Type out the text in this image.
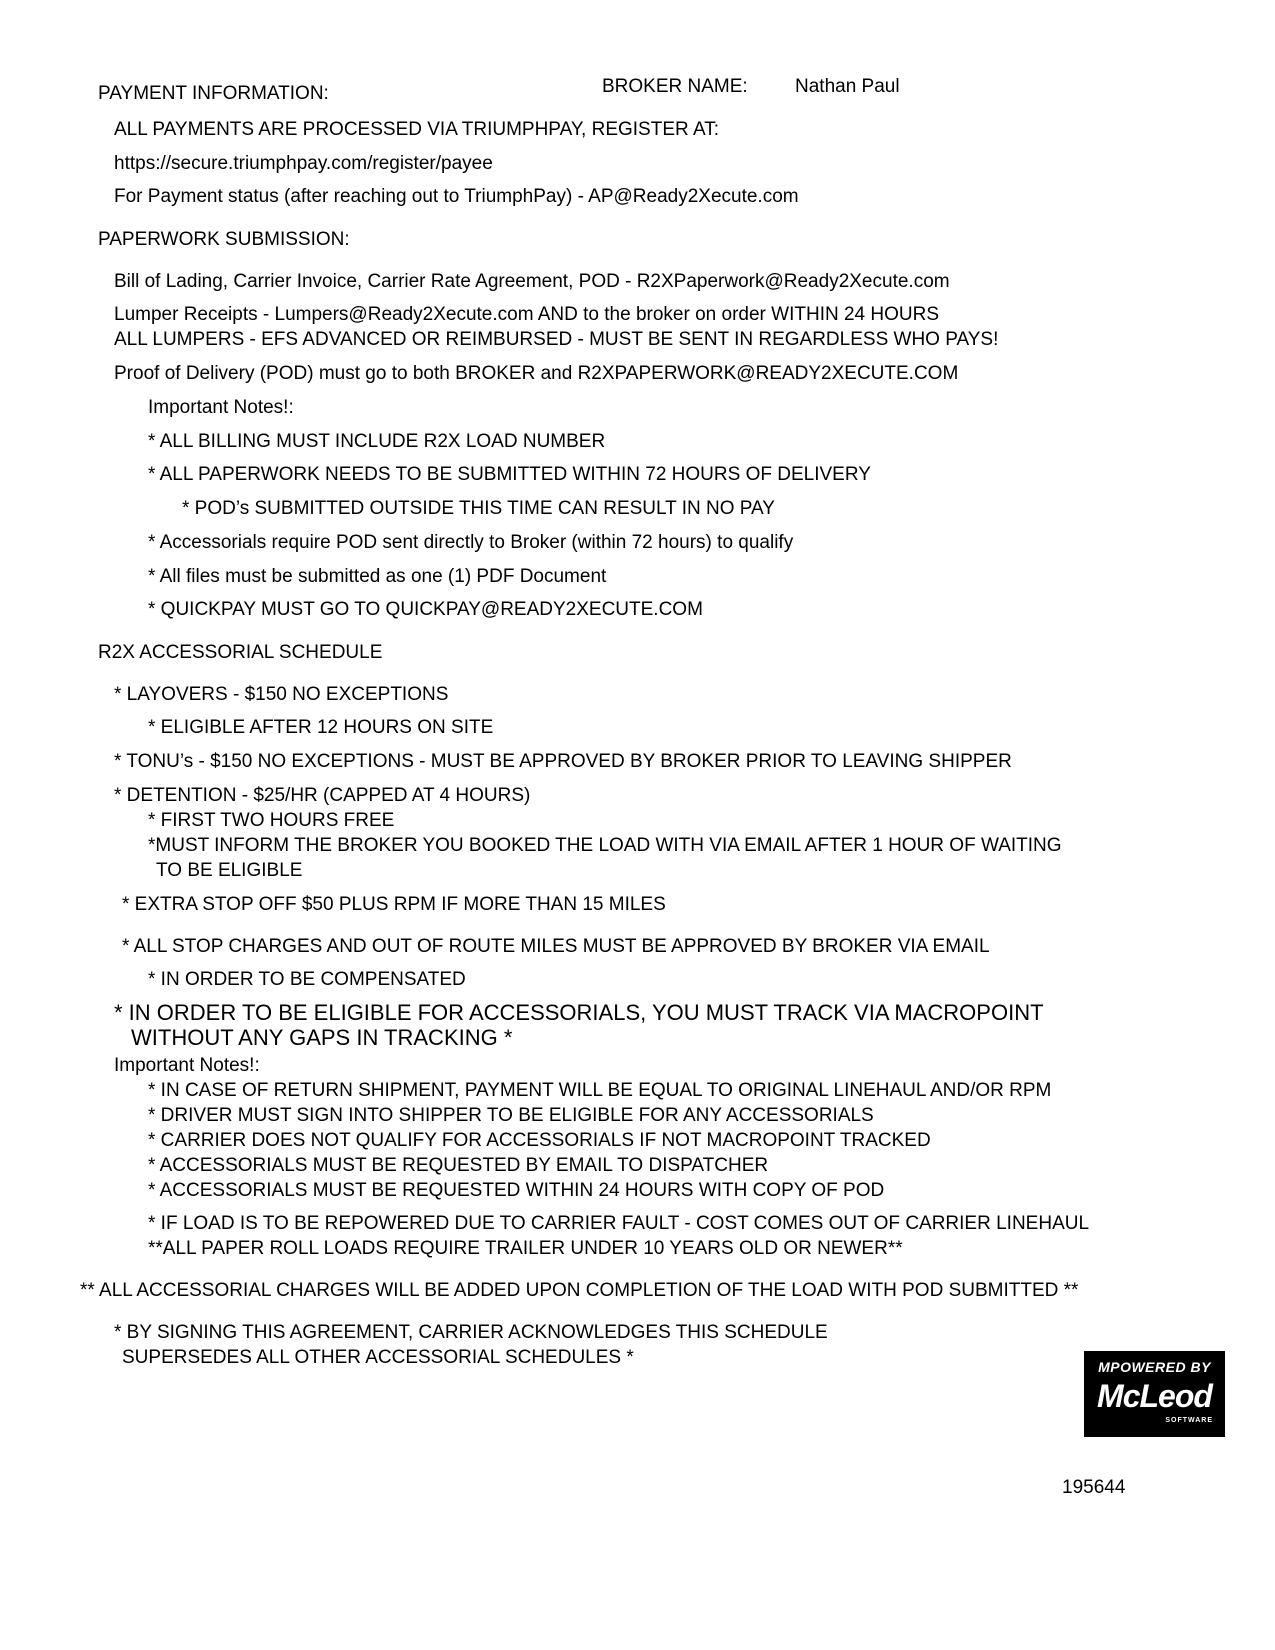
PAYMENT INFORMATION:	BROKER NAME: Nathan Paul
ALL PAYMENTS ARE PROCESSED VIA TRIUMPHPAY, REGISTER AT:
https://secure.triumphpay.com/register/payee
For Payment status (after reaching out to TriumphPay) - AP@Ready2Xecute.com
PAPERWORK SUBMISSION:
Bill of Lading, Carrier Invoice, Carrier Rate Agreement, POD - R2XPaperwork@Ready2Xecute.com
Lumper Receipts - Lumpers@Ready2Xecute.com AND to the broker on order WITHIN 24 HOURS
ALL LUMPERS - EFS ADVANCED OR REIMBURSED - MUST BE SENT IN REGARDLESS WHO PAYS!
Proof of Delivery (POD) must go to both BROKER and R2XPAPERWORK@READY2XECUTE.COM
Important Notes!:
* ALL BILLING MUST INCLUDE R2X LOAD NUMBER
* ALL PAPERWORK NEEDS TO BE SUBMITTED WITHIN 72 HOURS OF DELIVERY
* POD’s SUBMITTED OUTSIDE THIS TIME CAN RESULT IN NO PAY
* Accessorials require POD sent directly to Broker (within 72 hours) to qualify
* All files must be submitted as one (1) PDF Document
* QUICKPAY MUST GO TO QUICKPAY@READY2XECUTE.COM
R2X ACCESSORIAL SCHEDULE
* LAYOVERS - $150 NO EXCEPTIONS
* ELIGIBLE AFTER 12 HOURS ON SITE
* TONU’s - $150 NO EXCEPTIONS - MUST BE APPROVED BY BROKER PRIOR TO LEAVING SHIPPER
* DETENTION - $25/HR (CAPPED AT 4 HOURS)
* FIRST TWO HOURS FREE
*MUST INFORM THE BROKER YOU BOOKED THE LOAD WITH VIA EMAIL AFTER 1 HOUR OF WAITING
TO BE ELIGIBLE
* EXTRA STOP OFF $50 PLUS RPM IF MORE THAN 15 MILES
* ALL STOP CHARGES AND OUT OF ROUTE MILES MUST BE APPROVED BY BROKER VIA EMAIL
* IN ORDER TO BE COMPENSATED
* IN ORDER TO BE ELIGIBLE FOR ACCESSORIALS, YOU MUST TRACK VIA MACROPOINT
WITHOUT ANY GAPS IN TRACKING *
Important Notes!:
* IN CASE OF RETURN SHIPMENT, PAYMENT WILL BE EQUAL TO ORIGINAL LINEHAUL AND/OR RPM
* DRIVER MUST SIGN INTO SHIPPER TO BE ELIGIBLE FOR ANY ACCESSORIALS
* CARRIER DOES NOT QUALIFY FOR ACCESSORIALS IF NOT MACROPOINT TRACKED
* ACCESSORIALS MUST BE REQUESTED BY EMAIL TO DISPATCHER
* ACCESSORIALS MUST BE REQUESTED WITHIN 24 HOURS WITH COPY OF POD
* IF LOAD IS TO BE REPOWERED DUE TO CARRIER FAULT - COST COMES OUT OF CARRIER LINEHAUL
**ALL PAPER ROLL LOADS REQUIRE TRAILER UNDER 10 YEARS OLD OR NEWER**
** ALL ACCESSORIAL CHARGES WILL BE ADDED UPON COMPLETION OF THE LOAD WITH POD SUBMITTED **
* BY SIGNING THIS AGREEMENT, CARRIER ACKNOWLEDGES THIS SCHEDULE
SUPERSEDES ALL OTHER ACCESSORIAL SCHEDULES *	MPOWERED BY
McLeod
SOFTWARE
195644
